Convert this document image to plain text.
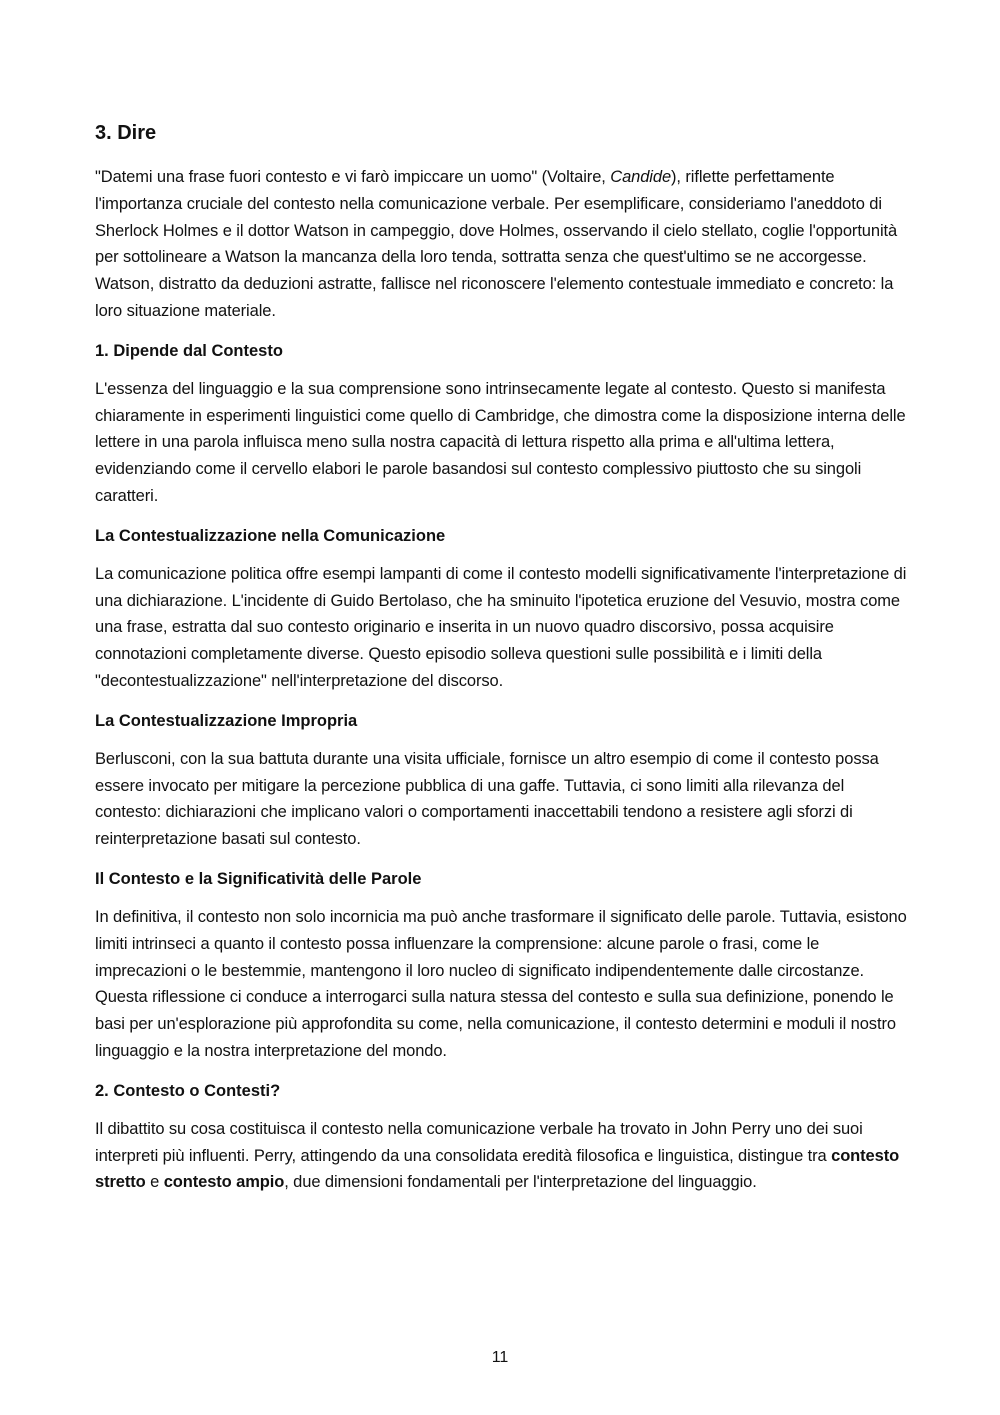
3. Dire

"Datemi una frase fuori contesto e vi farò impiccare un uomo" (Voltaire, Candide), riflette perfettamente l'importanza cruciale del contesto nella comunicazione verbale. Per esemplificare, consideriamo l'aneddoto di Sherlock Holmes e il dottor Watson in campeggio, dove Holmes, osservando il cielo stellato, coglie l'opportunità per sottolineare a Watson la mancanza della loro tenda, sottratta senza che quest'ultimo se ne accorgesse. Watson, distratto da deduzioni astratte, fallisce nel riconoscere l'elemento contestuale immediato e concreto: la loro situazione materiale.

1. Dipende dal Contesto

L'essenza del linguaggio e la sua comprensione sono intrinsecamente legate al contesto. Questo si manifesta chiaramente in esperimenti linguistici come quello di Cambridge, che dimostra come la disposizione interna delle lettere in una parola influisca meno sulla nostra capacità di lettura rispetto alla prima e all'ultima lettera, evidenziando come il cervello elabori le parole basandosi sul contesto complessivo piuttosto che su singoli caratteri.

La Contestualizzazione nella Comunicazione

La comunicazione politica offre esempi lampanti di come il contesto modelli significativamente l'interpretazione di una dichiarazione. L'incidente di Guido Bertolaso, che ha sminuito l'ipotetica eruzione del Vesuvio, mostra come una frase, estratta dal suo contesto originario e inserita in un nuovo quadro discorsivo, possa acquisire connotazioni completamente diverse. Questo episodio solleva questioni sulle possibilità e i limiti della "decontestualizzazione" nell'interpretazione del discorso.

La Contestualizzazione Impropria

Berlusconi, con la sua battuta durante una visita ufficiale, fornisce un altro esempio di come il contesto possa essere invocato per mitigare la percezione pubblica di una gaffe. Tuttavia, ci sono limiti alla rilevanza del contesto: dichiarazioni che implicano valori o comportamenti inaccettabili tendono a resistere agli sforzi di reinterpretazione basati sul contesto.

Il Contesto e la Significatività delle Parole

In definitiva, il contesto non solo incornicia ma può anche trasformare il significato delle parole. Tuttavia, esistono limiti intrinseci a quanto il contesto possa influenzare la comprensione: alcune parole o frasi, come le imprecazioni o le bestemmie, mantengono il loro nucleo di significato indipendentemente dalle circostanze. Questa riflessione ci conduce a interrogarci sulla natura stessa del contesto e sulla sua definizione, ponendo le basi per un'esplorazione più approfondita su come, nella comunicazione, il contesto determini e moduli il nostro linguaggio e la nostra interpretazione del mondo.

2. Contesto o Contesti?

Il dibattito su cosa costituisca il contesto nella comunicazione verbale ha trovato in John Perry uno dei suoi interpreti più influenti. Perry, attingendo da una consolidata eredità filosofica e linguistica, distingue tra contesto stretto e contesto ampio, due dimensioni fondamentali per l'interpretazione del linguaggio.

11
